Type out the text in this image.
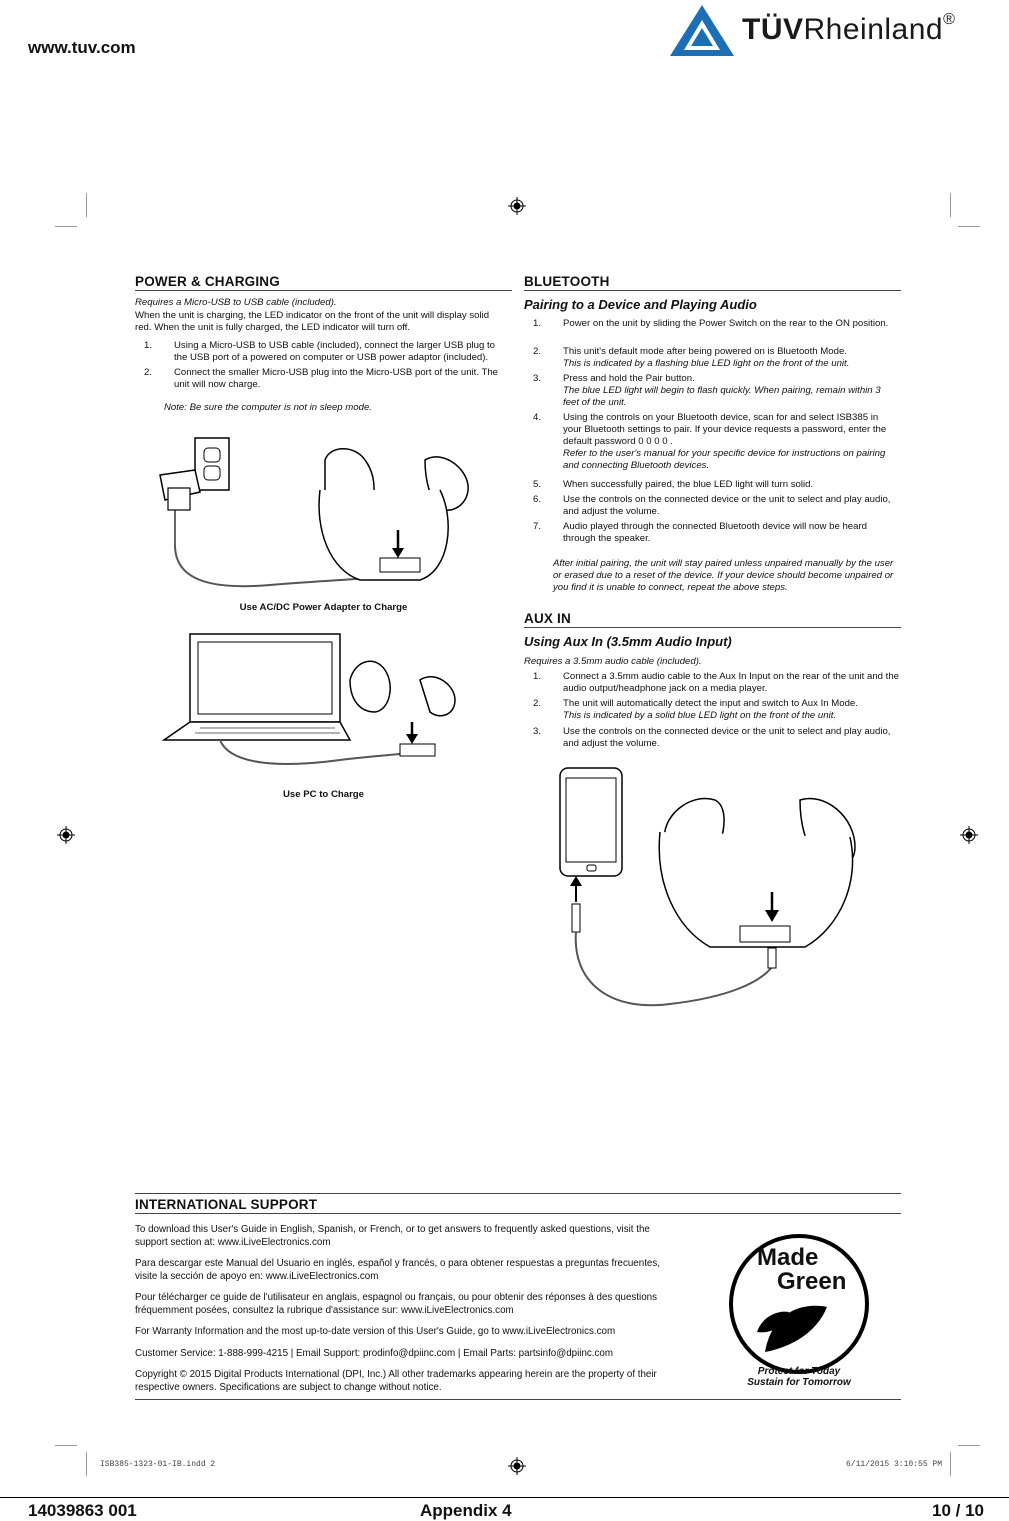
www.tuv.com
TÜVRheinland®
POWER & CHARGING
Requires a Micro-USB to USB cable (included).
When the unit is charging, the LED indicator on the front of the unit will display solid red. When the unit is fully charged, the LED indicator will turn off.
1. Using a Micro-USB to USB cable (included), connect the larger USB plug to the USB port of a powered on computer or USB power adaptor (included).
2. Connect the smaller Micro-USB plug into the Micro-USB port of the unit. The unit will now charge.
Note: Be sure the computer is not in sleep mode.
Use AC/DC Power Adapter to Charge
Use PC to Charge
BLUETOOTH
Pairing to a Device and Playing Audio
1. Power on the unit by sliding the Power Switch on the rear to the ON position.
2. This unit's default mode after being powered on is Bluetooth Mode.
This is indicated by a flashing blue LED light on the front of the unit.
3. Press and hold the Pair button.
The blue LED light will begin to flash quickly. When pairing, remain within 3 feet of the unit.
4. Using the controls on your Bluetooth device, scan for and select ISB385 in your Bluetooth settings to pair. If your device requests a password, enter the default password 0 0 0 0 .
Refer to the user's manual for your specific device for instructions on pairing and connecting Bluetooth devices.
5. When successfully paired, the blue LED light will turn solid.
6. Use the controls on the connected device or the unit to select and play audio, and adjust the volume.
7. Audio played through the connected Bluetooth device will now be heard through the speaker.
After initial pairing, the unit will stay paired unless unpaired manually by the user or erased due to a reset of the device. If your device should become unpaired or you find it is unable to connect, repeat the above steps.
AUX IN
Using Aux In (3.5mm Audio Input)
Requires a 3.5mm audio cable (included).
1. Connect a 3.5mm audio cable to the Aux In Input on the rear of the unit and the audio output/headphone jack on a media player.
2. The unit will automatically detect the input and switch to Aux In Mode.
This is indicated by a solid blue LED light on the front of the unit.
3. Use the controls on the connected device or the unit to select and play audio, and adjust the volume.
INTERNATIONAL SUPPORT

To download this User's Guide in English, Spanish, or French, or to get answers to frequently asked questions, visit the support section at: www.iLiveElectronics.com

Para descargar este Manual del Usuario en inglés, español y francés, o para obtener respuestas a preguntas frecuentes, visite la sección de apoyo en: www.iLiveElectronics.com

Pour télécharger ce guide de l'utilisateur en anglais, espagnol ou français, ou pour obtenir des réponses à des questions fréquemment posées, consultez la rubrique d'assistance sur: www.iLiveElectronics.com

For Warranty Information and the most up-to-date version of this User's Guide, go to www.iLiveElectronics.com

Customer Service: 1-888-999-4215 | Email Support: prodinfo@dpiinc.com | Email Parts: partsinfo@dpiinc.com

Copyright © 2015 Digital Products International (DPI, Inc.) All other trademarks appearing herein are the property of their respective owners. Specifications are subject to change without notice.

Made
Green
Protect for Today
Sustain for Tomorrow
ISB385-1323-01-IB.indd 2	6/11/2015 3:10:55 PM
14039863 001	Appendix 4	10 / 10
